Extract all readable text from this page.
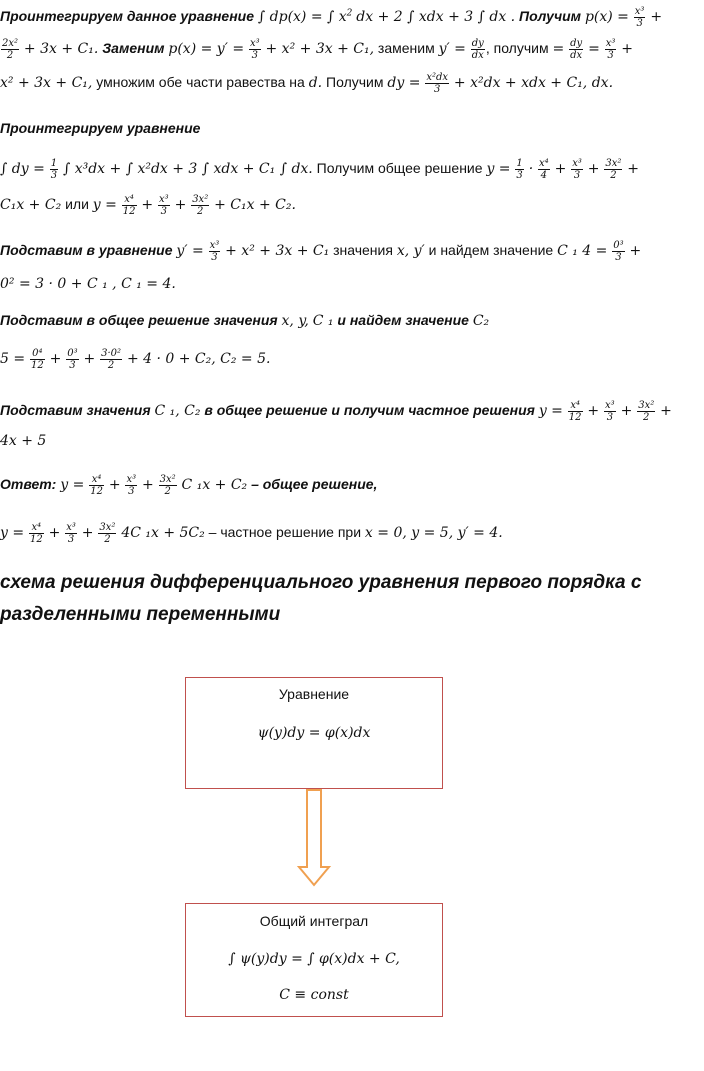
Проинтегрируем данное уравнение ∫ dp(x) = ∫ $x^2$ dx + 2 ∫ xdx + 3 ∫ dx . Получим $p(x) = \frac{\text{x³}}{3}$ +
$\frac{\text{2x²}}{2} + 3x + C_1$. Заменим $p(x) = y' = \frac{\text{x³}}{3} + x^2 + 3x + C_1$, заменим $y' = \frac{dy}{dx}$ , получим = $\frac{dy}{dx} = \frac{\text{x³}}{3}$ +
x² + 3x + C₁, умножим обе части равества на d. Получим dy = $\frac{\text{x²dx}}{3} + x^2dx$ + xdx + C₁, dx.
Проинтегрируем уравнение
∫ dy = $\frac{1}{3}$ ∫ x³dx + ∫ x²dx + 3 ∫ xdx + C₁ ∫ dx. Получим общее решение $y = \frac{1}{3} \cdot \frac{\text{x⁴}}{4} + \frac{\text{x³}}{3} + \frac{\text{3x²}}{2}$ +
C₁x + C₂ или $y = \frac{\text{x⁴}}{12} + \frac{\text{x³}}{3} + \frac{\text{3x²}}{2} + C_1x + C_2$.
Подставим в уравнение $y' = \frac{\text{x³}}{3} + x^2 + 3x + C_1$ значения x, y′ и найдем значение C ₁ $4 = \frac{\text{0³}}{3}$ +
0² = 3 · 0 + C ₁ , C ₁ = 4.
Подставим в общее решение значения x, y, C ₁ и найдем значение C₂
$5 = \frac{\text{0⁴}}{12} + \frac{\text{0³}}{3} + \frac{\text{3·0²}}{2} + 4 \cdot 0 + C_2$, C₂ = 5.
Подставим значения C ₁, C₂ в общее решение и получим частное решения $y = \frac{\text{x⁴}}{12} + \frac{\text{x³}}{3} + \frac{\text{3x²}}{2}$ +
4x + 5
Ответ: $y = \frac{\text{x⁴}}{12} + \frac{\text{x³}}{3} + \frac{\text{3x²}}{2}$ C ₁x + C₂ – общее решение,
$y = \frac{\text{x⁴}}{12} + \frac{\text{x³}}{3} + \frac{\text{3x²}}{2} 4C$ ₁x + 5C₂ – частное решение при x = 0, y = 5, y′ = 4.
схема решения дифференциального уравнения первого порядка с
разделенными переменными
Уравнение
ψ(y)dy = φ(x)dx
Общий интеграл
∫ ψ(y)dy = ∫ φ(x)dx + C,
C ≡ const
